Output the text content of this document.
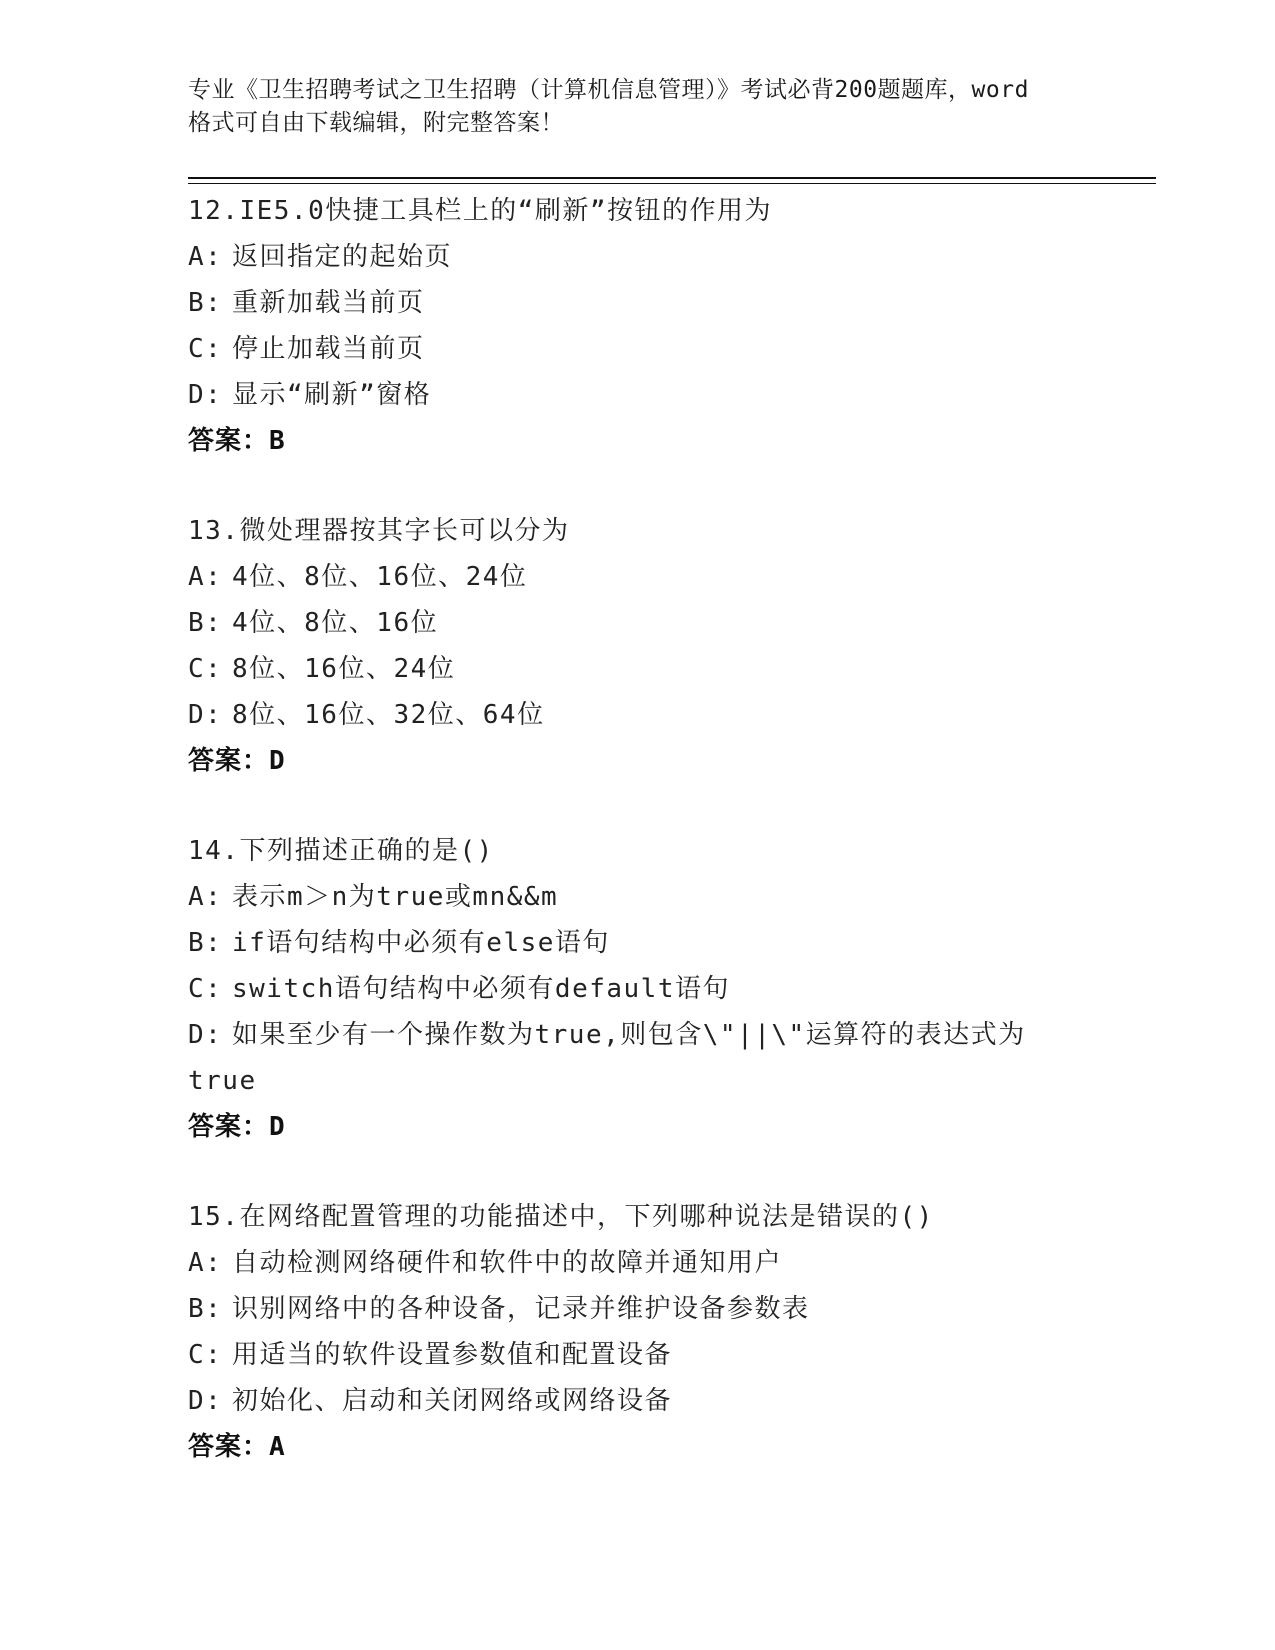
专业《卫生招聘考试之卫生招聘（计算机信息管理）》考试必背200题题库，word
格式可自由下载编辑，附完整答案！
12.IE5.0快捷工具栏上的“刷新”按钮的作用为
A: 返回指定的起始页
B: 重新加载当前页
C: 停止加载当前页
D: 显示“刷新”窗格
答案：B
13.微处理器按其字长可以分为
A: 4位、8位、16位、24位
B: 4位、8位、16位
C: 8位、16位、24位
D: 8位、16位、32位、64位
答案：D
14.下列描述正确的是()
A: 表示m＞n为true或mn&&m
B: if语句结构中必须有else语句
C: switch语句结构中必须有default语句
D: 如果至少有一个操作数为true,则包含\"||\"运算符的表达式为
true
答案：D
15.在网络配置管理的功能描述中，下列哪种说法是错误的()
A: 自动检测网络硬件和软件中的故障并通知用户
B: 识别网络中的各种设备，记录并维护设备参数表
C: 用适当的软件设置参数值和配置设备
D: 初始化、启动和关闭网络或网络设备
答案：A
